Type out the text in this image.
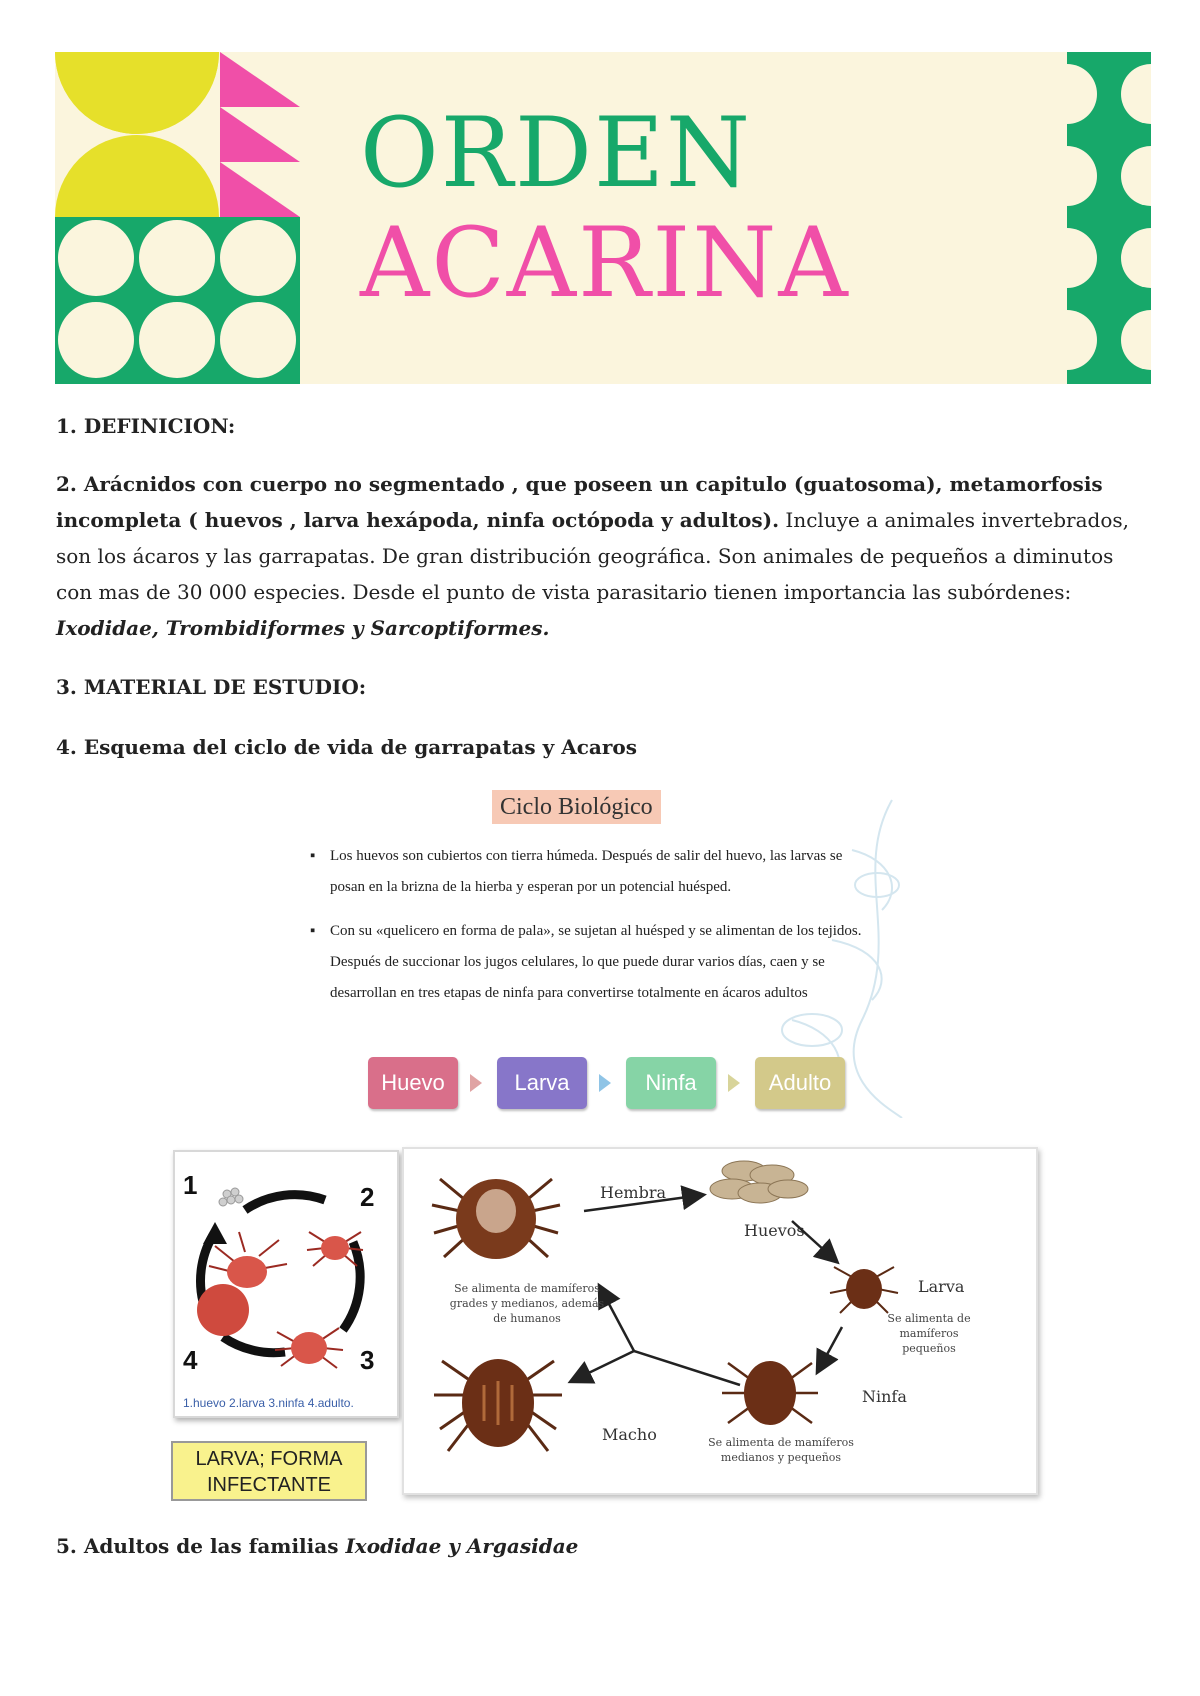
ORDEN
ACARINA

1. DEFINICION:

2. Arácnidos con cuerpo no segmentado , que poseen un capitulo (guatosoma), metamorfosis incompleta ( huevos , larva hexápoda, ninfa octópoda y adultos). Incluye a animales invertebrados, son los ácaros y las garrapatas. De gran distribución geográfica. Son animales de pequeños a diminutos con mas de 30 000 especies. Desde el punto de vista parasitario tienen importancia las subórdenes: Ixodidae, Trombidiformes y Sarcoptiformes.

3. MATERIAL DE ESTUDIO:

4. Esquema del ciclo de vida de garrapatas y Acaros

Ciclo Biológico
▪ Los huevos son cubiertos con tierra húmeda. Después de salir del huevo, las larvas se posan en la brizna de la hierba y esperan por un potencial huésped.
▪ Con su «quelicero en forma de pala», se sujetan al huésped y se alimentan de los tejidos. Después de succionar los jugos celulares, lo que puede durar varios días, caen y se desarrollan en tres etapas de ninfa para convertirse totalmente en ácaros adultos
Huevo	Larva	Ninfa	Adulto
1	2
3
4
1.huevo 2.larva 3.ninfa 4.adulto.
LARVA; FORMA
INFECTANTE
Hembra
Huevos
Larva
Ninfa
Macho
Se alimenta de mamíferos grades y medianos, además de humanos	Se alimenta de mamíferos pequeños
Se alimenta de mamíferos medianos y pequeños

5. Adultos de las familias Ixodidae y Argasidae
